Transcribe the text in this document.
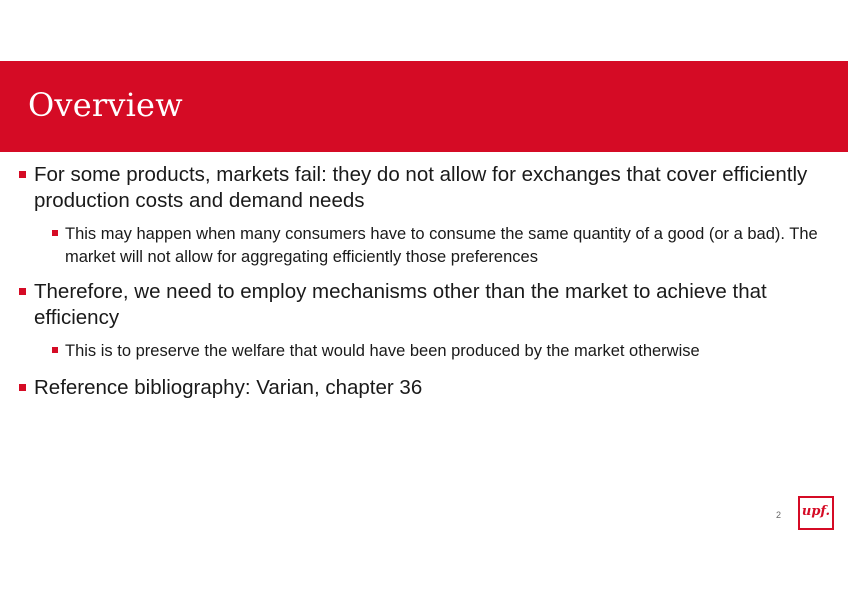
Overview
For some products, markets fail: they do not allow for exchanges that cover efficiently production costs and demand needs
This may happen when many consumers have to consume the same quantity of a good (or a bad). The market will not allow for aggregating efficiently those preferences
Therefore, we need to employ mechanisms other than the market to achieve that efficiency
This is to preserve the welfare that would have been produced by the market otherwise
Reference bibliography: Varian, chapter 36
2 upf.
